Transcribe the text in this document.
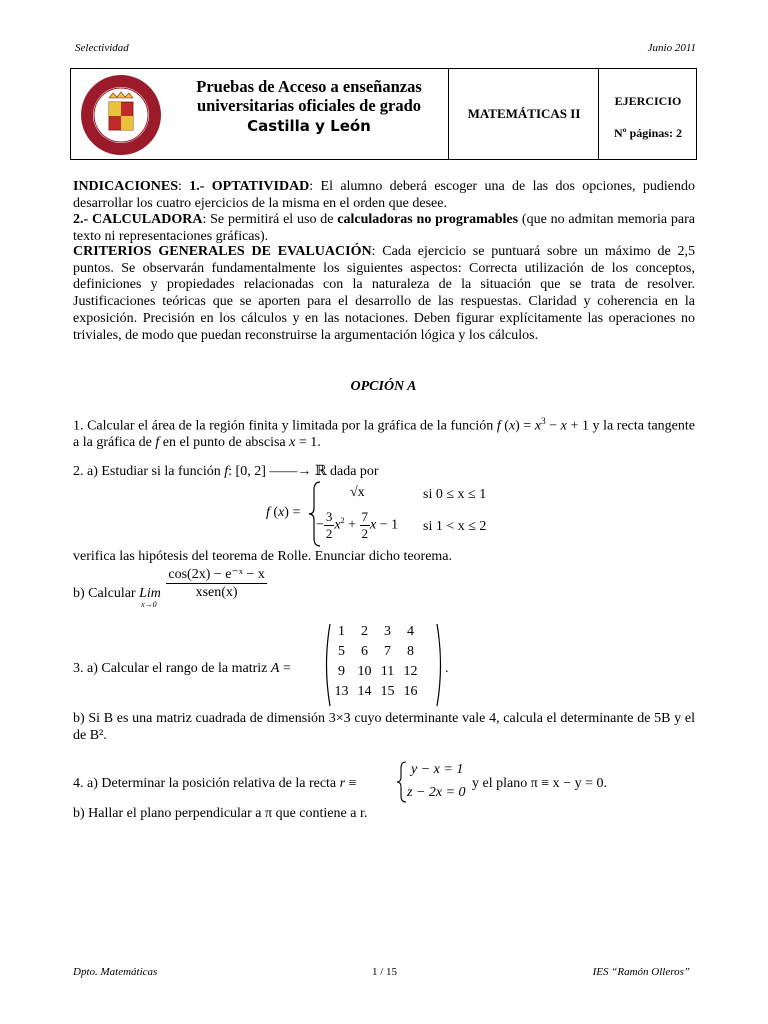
Selectividad	Junio 2011
Pruebas de Acceso a enseñanzas
universitarias oficiales de grado
Castilla y León
MATEMÁTICAS II
EJERCICIO
Nº páginas: 2
INDICACIONES: 1.- OPTATIVIDAD: El alumno deberá escoger una de las dos opciones, pudiendo desarrollar los cuatro ejercicios de la misma en el orden que desee.
2.- CALCULADORA: Se permitirá el uso de calculadoras no programables (que no admitan memoria para texto ni representaciones gráficas).
CRITERIOS GENERALES DE EVALUACIÓN: Cada ejercicio se puntuará sobre un máximo de 2,5 puntos. Se observarán fundamentalmente los siguientes aspectos: Correcta utilización de los conceptos, definiciones y propiedades relacionadas con la naturaleza de la situación que se trata de resolver. Justificaciones teóricas que se aporten para el desarrollo de las respuestas. Claridad y coherencia en la exposición. Precisión en los cálculos y en las notaciones. Deben figurar explícitamente las operaciones no triviales, de modo que puedan reconstruirse la argumentación lógica y los cálculos.
OPCIÓN A
1. Calcular el área de la región finita y limitada por la gráfica de la función f $(x) = x^3 - x + 1$ y la recta tangente a la gráfica de f en el punto de abscisa x = 1.
2. a) Estudiar si la función f: [0, 2] ——→ ℝ dada por
f (x) =
√x	si 0 ≤ x ≤ 1
− $\frac{3}{2} x^2 + \frac{7}{2}$ x − 1 si 1 < x ≤ 2
verifica las hipótesis del teorema de Rolle. Enunciar dicho teorema.
b) Calcular Lim
x→0

$\frac{\text{cos(2x) − e⁻ˣ − x}}{\text{xsen(x)}}$
3. a) Calcular el rango de la matriz A =
1	2	3	4
5	6	7	8
9	10	11	12
13	14	15	16
.
b) Si B es una matriz cuadrada de dimensión 3×3 cuyo determinante vale 4, calcula el determinante de 5B y el de B².
4. a) Determinar la posición relativa de la recta r ≡
y − x = 1
z − 2x = 0
y el plano π ≡ x − y = 0.
b) Hallar el plano perpendicular a π que contiene a r.
Dpto. Matemáticas	1 / 15	IES “Ramón Olleros”
